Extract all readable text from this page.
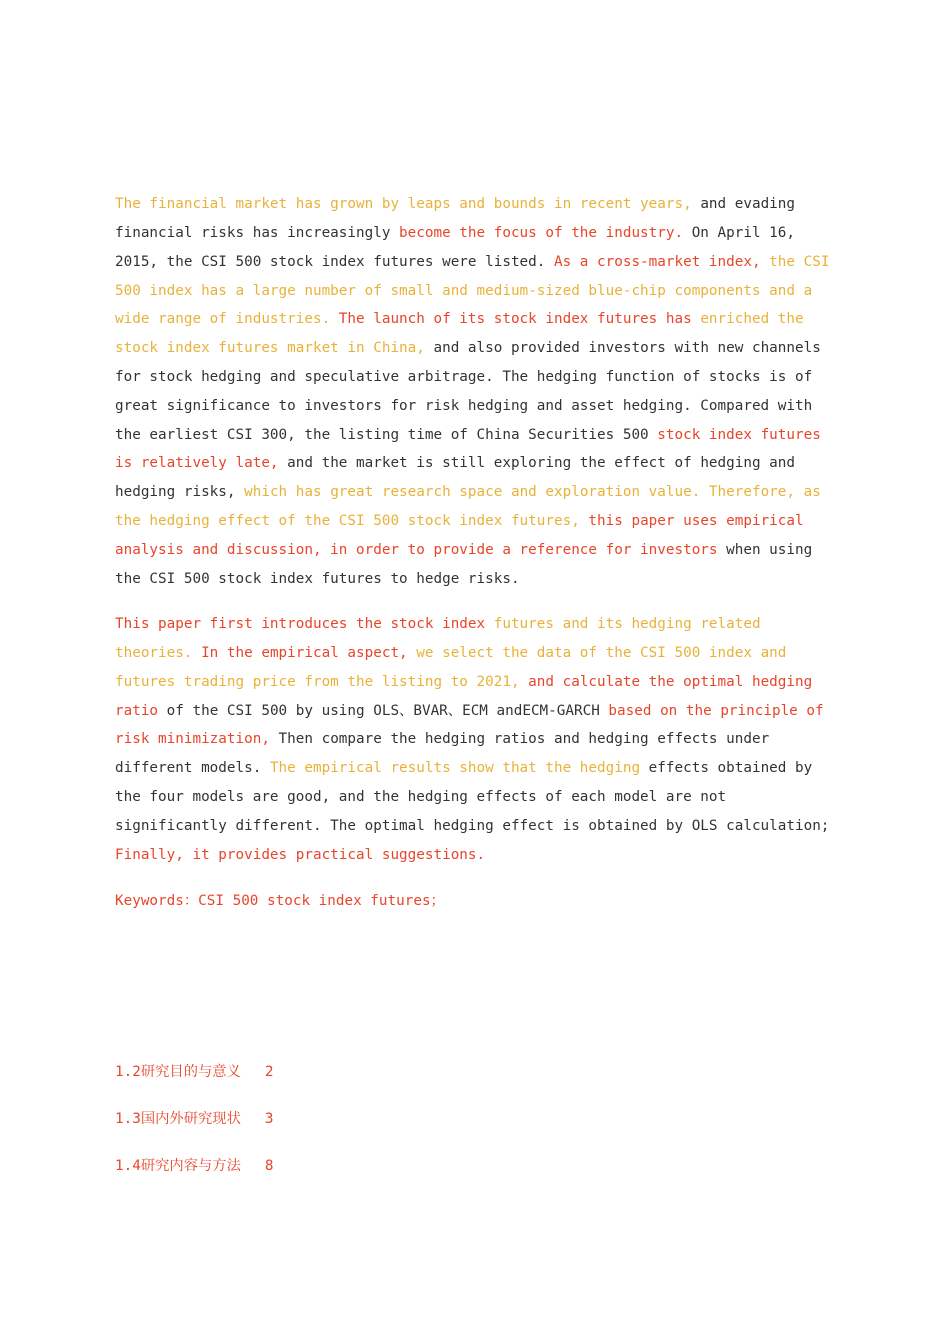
The financial market has grown by leaps and bounds in recent years, and evading financial risks has increasingly become the focus of the industry. On April 16, 2015, the CSI 500 stock index futures were listed. As a cross-market index, the CSI 500 index has a large number of small and medium-sized blue-chip components and a wide range of industries. The launch of its stock index futures has enriched the stock index futures market in China, and also provided investors with new channels for stock hedging and speculative arbitrage. The hedging function of stocks is of great significance to investors for risk hedging and asset hedging. Compared with the earliest CSI 300, the listing time of China Securities 500 stock index futures is relatively late, and the market is still exploring the effect of hedging and hedging risks, which has great research space and exploration value. Therefore, as the hedging effect of the CSI 500 stock index futures, this paper uses empirical analysis and discussion, in order to provide a reference for investors when using the CSI 500 stock index futures to hedge risks.

This paper first introduces the stock index futures and its hedging related theories. In the empirical aspect, we select the data of the CSI 500 index and futures trading price from the listing to 2021, and calculate the optimal hedging ratio of the CSI 500 by using OLS、BVAR、ECM andECM-GARCH based on the principle of risk minimization, Then compare the hedging ratios and hedging effects under different models. The empirical results show that the hedging effects obtained by the four models are good, and the hedging effects of each model are not significantly different. The optimal hedging effect is obtained by OLS calculation; Finally, it provides practical suggestions.

Keywords：CSI 500 stock index futures；

1.2研究目的与意义 2
1.3国内外研究现状 3
1.4研究内容与方法 8
